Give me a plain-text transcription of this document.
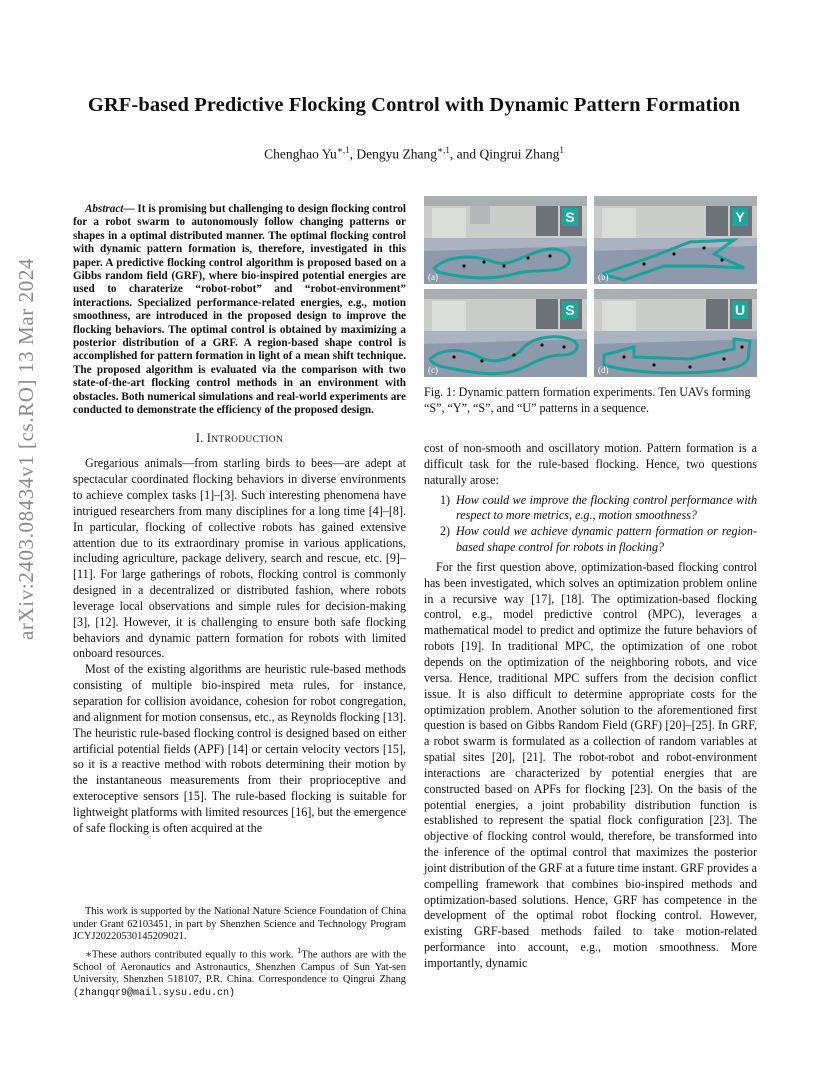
GRF-based Predictive Flocking Control with Dynamic Pattern Formation
Chenghao $Yu^{∗,1}$, Dengyu Zhang$^{∗,1}$, and Qingrui Zhang$^1$
arXiv:2403.08434v1 [cs.RO] 13 Mar 2024

Abstract— It is promising but challenging to design flocking control for a robot swarm to autonomously follow changing patterns or shapes in a optimal distributed manner. The optimal flocking control with dynamic pattern formation is, therefore, investigated in this paper. A predictive flocking control algorithm is proposed based on a Gibbs random field (GRF), where bio-inspired potential energies are used to charaterize “robot-robot” and “robot-environment” interactions. Specialized performance-related energies, e.g., motion smoothness, are introduced in the proposed design to improve the flocking behaviors. The optimal control is obtained by maximizing a posterior distribution of a GRF. A region-based shape control is accomplished for pattern formation in light of a mean shift technique. The proposed algorithm is evaluated via the comparison with two state-of-the-art flocking control methods in an environment with obstacles. Both numerical simulations and real-world experiments are conducted to demonstrate the efficiency of the proposed design.

I. INTRODUCTION

Gregarious animals—from starling birds to bees—are adept at spectacular coordinated flocking behaviors in diverse environments to achieve complex tasks [1]–[3]. Such interesting phenomena have intrigued researchers from many disciplines for a long time [4]–[8]. In particular, flocking of collective robots has gained extensive attention due to its extraordinary promise in various applications, including agriculture, package delivery, search and rescue, etc. [9]–[11]. For large gatherings of robots, flocking control is commonly designed in a decentralized or distributed fashion, where robots leverage local observations and simple rules for decision-making [3], [12]. However, it is challenging to ensure both safe flocking behaviors and dynamic pattern formation for robots with limited onboard resources.

Most of the existing algorithms are heuristic rule-based methods consisting of multiple bio-inspired meta rules, for instance, separation for collision avoidance, cohesion for robot congregation, and alignment for motion consensus, etc., as Reynolds flocking [13]. The heuristic rule-based flocking control is designed based on either artificial potential fields (APF) [14] or certain velocity vectors [15], so it is a reactive method with robots determining their motion by the instantaneous measurements from their proprioceptive and exteroceptive sensors [15]. The rule-based flocking is suitable for lightweight platforms with limited resources [16], but the emergence of safe flocking is often acquired at the

This work is supported by the National Nature Science Foundation of China under Grant 62103451, in part by Shenzhen Science and Technology Program JCYJ20220530145209021.

∗These authors contributed equally to this work. $^1$The authors are with the School of Aeronautics and Astronautics, Shenzhen Campus of Sun Yat-sen University, Shenzhen 518107, P.R. China. Correspondence to Qingrui Zhang (zhangqr9@mail.sysu.edu.cn)

S
(a)
Y
(b)
S
(c)
U
(d)
Fig. 1: Dynamic pattern formation experiments. Ten UAVs forming “S”, “Y”, “S”, and “U” patterns in a sequence.

cost of non-smooth and oscillatory motion. Pattern formation is a difficult task for the rule-based flocking. Hence, two questions naturally arose:

1) How could we improve the flocking control performance with respect to more metrics, e.g., motion smoothness?
2) How could we achieve dynamic pattern formation or region-based shape control for robots in flocking?

For the first question above, optimization-based flocking control has been investigated, which solves an optimization problem online in a recursive way [17], [18]. The optimization-based flocking control, e.g., model predictive control (MPC), leverages a mathematical model to predict and optimize the future behaviors of robots [19]. In traditional MPC, the optimization of one robot depends on the optimization of the neighboring robots, and vice versa. Hence, traditional MPC suffers from the decision conflict issue. It is also difficult to determine appropriate costs for the optimization problem. Another solution to the aforementioned first question is based on Gibbs Random Field (GRF) [20]–[25]. In GRF, a robot swarm is formulated as a collection of random variables at spatial sites [20], [21]. The robot-robot and robot-environment interactions are characterized by potential energies that are constructed based on APFs for flocking [23]. On the basis of the potential energies, a joint probability distribution function is established to represent the spatial flock configuration [23]. The objective of flocking control would, therefore, be transformed into the inference of the optimal control that maximizes the posterior joint distribution of the GRF at a future time instant. GRF provides a compelling framework that combines bio-inspired methods and optimization-based solutions. Hence, GRF has competence in the development of the optimal robot flocking control. However, existing GRF-based methods failed to take motion-related performance into account, e.g., motion smoothness. More importantly, dynamic
